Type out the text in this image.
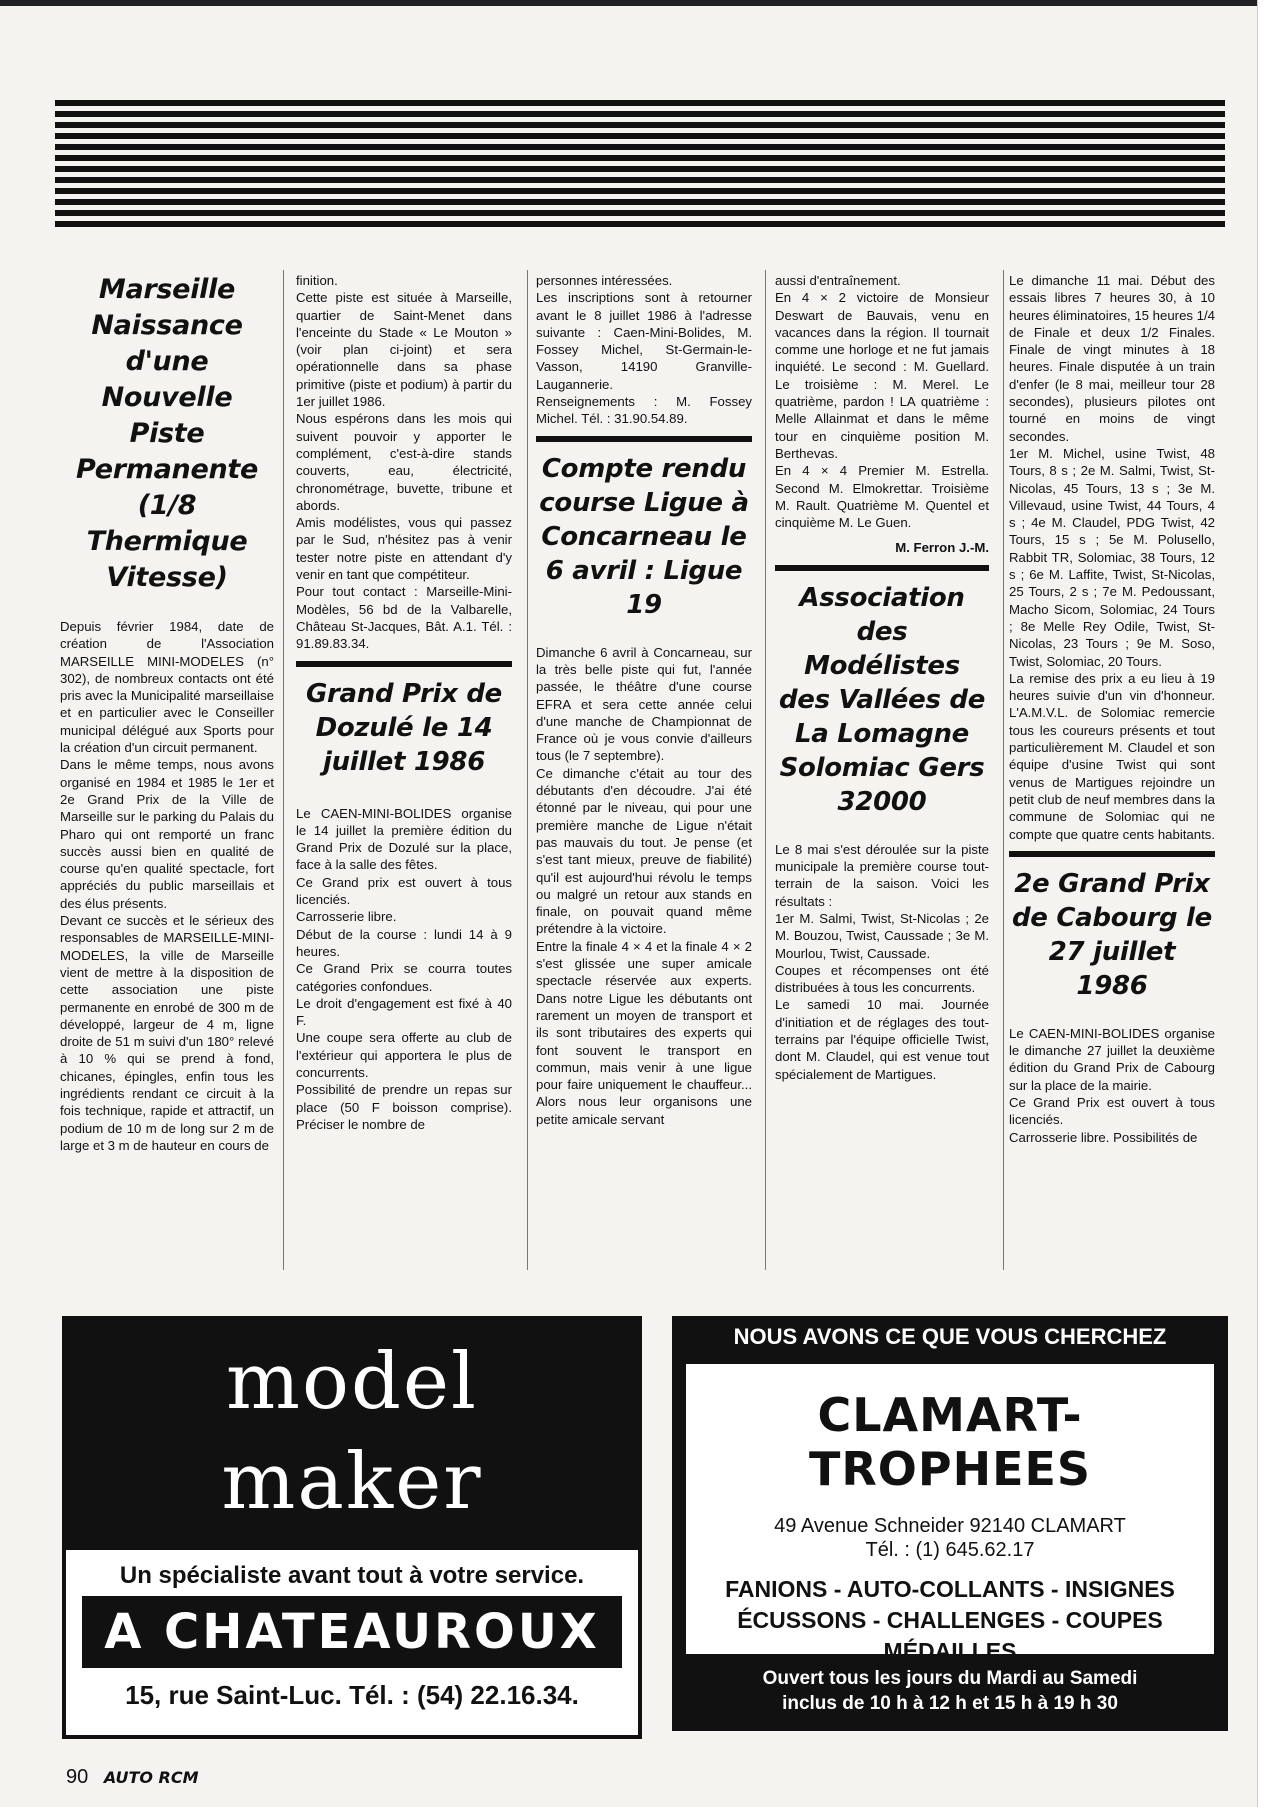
Marseille Naissance d'une Nouvelle Piste Permanente (1/8 Thermique Vitesse)

Depuis février 1984, date de création de l'Association MARSEILLE MINI-MODELES (n° 302), de nombreux contacts ont été pris avec la Municipalité marseillaise et en particulier avec le Conseiller municipal délégué aux Sports pour la création d'un circuit permanent.

Dans le même temps, nous avons organisé en 1984 et 1985 le 1er et 2e Grand Prix de la Ville de Marseille sur le parking du Palais du Pharo qui ont remporté un franc succès aussi bien en qualité de course qu'en qualité spectacle, fort appréciés du public marseillais et des élus présents.

Devant ce succès et le sérieux des responsables de MARSEILLE-MINI-MODELES, la ville de Marseille vient de mettre à la disposition de cette association une piste permanente en enrobé de 300 m de développé, largeur de 4 m, ligne droite de 51 m suivi d'un 180° relevé à 10 % qui se prend à fond, chicanes, épingles, enfin tous les ingrédients rendant ce circuit à la fois technique, rapide et attractif, un podium de 10 m de long sur 2 m de large et 3 m de hauteur en cours de

finition.

Cette piste est située à Marseille, quartier de Saint-Menet dans l'enceinte du Stade « Le Mouton » (voir plan ci-joint) et sera opérationnelle dans sa phase primitive (piste et podium) à partir du 1er juillet 1986.

Nous espérons dans les mois qui suivent pouvoir y apporter le complément, c'est-à-dire stands couverts, eau, électricité, chronométrage, buvette, tribune et abords.

Amis modélistes, vous qui passez par le Sud, n'hésitez pas à venir tester notre piste en attendant d'y venir en tant que compétiteur.

Pour tout contact : Marseille-Mini-Modèles, 56 bd de la Valbarelle, Château St-Jacques, Bât. A.1. Tél. : 91.89.83.34.

Grand Prix de Dozulé le 14 juillet 1986

Le CAEN-MINI-BOLIDES organise le 14 juillet la première édition du Grand Prix de Dozulé sur la place, face à la salle des fêtes.

Ce Grand prix est ouvert à tous licenciés.

Carrosserie libre.

Début de la course : lundi 14 à 9 heures.

Ce Grand Prix se courra toutes catégories confondues.

Le droit d'engagement est fixé à 40 F.

Une coupe sera offerte au club de l'extérieur qui apportera le plus de concurrents.

Possibilité de prendre un repas sur place (50 F boisson comprise). Préciser le nombre de

personnes intéressées.

Les inscriptions sont à retourner avant le 8 juillet 1986 à l'adresse suivante : Caen-Mini-Bolides, M. Fossey Michel, St-Germain-le-Vasson, 14190 Granville-Laugannerie.

Renseignements : M. Fossey Michel. Tél. : 31.90.54.89.

Compte rendu course Ligue à Concarneau le 6 avril : Ligue 19

Dimanche 6 avril à Concarneau, sur la très belle piste qui fut, l'année passée, le théâtre d'une course EFRA et sera cette année celui d'une manche de Championnat de France où je vous convie d'ailleurs tous (le 7 septembre).

Ce dimanche c'était au tour des débutants d'en découdre. J'ai été étonné par le niveau, qui pour une première manche de Ligue n'était pas mauvais du tout. Je pense (et s'est tant mieux, preuve de fiabilité) qu'il est aujourd'hui révolu le temps ou malgré un retour aux stands en finale, on pouvait quand même prétendre à la victoire.

Entre la finale 4 × 4 et la finale 4 × 2 s'est glissée une super amicale spectacle réservée aux experts. Dans notre Ligue les débutants ont rarement un moyen de transport et ils sont tributaires des experts qui font souvent le transport en commun, mais venir à une ligue pour faire uniquement le chauffeur... Alors nous leur organisons une petite amicale servant

aussi d'entraînement.

En 4 × 2 victoire de Monsieur Deswart de Bauvais, venu en vacances dans la région. Il tournait comme une horloge et ne fut jamais inquiété. Le second : M. Guellard. Le troisième : M. Merel. Le quatrième, pardon ! LA quatrième : Melle Allainmat et dans le même tour en cinquième position M. Berthevas.

En 4 × 4 Premier M. Estrella. Second M. Elmokrettar. Troisième M. Rault. Quatrième M. Quentel et cinquième M. Le Guen.

M. Ferron J.-M.

Association des Modélistes des Vallées de La Lomagne Solomiac Gers 32000

Le 8 mai s'est déroulée sur la piste municipale la première course tout-terrain de la saison. Voici les résultats :

1er M. Salmi, Twist, St-Nicolas ; 2e M. Bouzou, Twist, Caussade ; 3e M. Mourlou, Twist, Caussade.

Coupes et récompenses ont été distribuées à tous les concurrents.

Le samedi 10 mai. Journée d'initiation et de réglages des tout-terrains par l'équipe officielle Twist, dont M. Claudel, qui est venue tout spécialement de Martigues.

Le dimanche 11 mai. Début des essais libres 7 heures 30, à 10 heures éliminatoires, 15 heures 1/4 de Finale et deux 1/2 Finales. Finale de vingt minutes à 18 heures. Finale disputée à un train d'enfer (le 8 mai, meilleur tour 28 secondes), plusieurs pilotes ont tourné en moins de vingt secondes.

1er M. Michel, usine Twist, 48 Tours, 8 s ; 2e M. Salmi, Twist, St-Nicolas, 45 Tours, 13 s ; 3e M. Villevaud, usine Twist, 44 Tours, 4 s ; 4e M. Claudel, PDG Twist, 42 Tours, 15 s ; 5e M. Polusello, Rabbit TR, Solomiac, 38 Tours, 12 s ; 6e M. Laffite, Twist, St-Nicolas, 25 Tours, 2 s ; 7e M. Pedoussant, Macho Sicom, Solomiac, 24 Tours ; 8e Melle Rey Odile, Twist, St-Nicolas, 23 Tours ; 9e M. Soso, Twist, Solomiac, 20 Tours.

La remise des prix a eu lieu à 19 heures suivie d'un vin d'honneur. L'A.M.V.L. de Solomiac remercie tous les coureurs présents et tout particulièrement M. Claudel et son équipe d'usine Twist qui sont venus de Martigues rejoindre un petit club de neuf membres dans la commune de Solomiac qui ne compte que quatre cents habitants.

2e Grand Prix de Cabourg le 27 juillet 1986

Le CAEN-MINI-BOLIDES organise le dimanche 27 juillet la deuxième édition du Grand Prix de Cabourg sur la place de la mairie.

Ce Grand Prix est ouvert à tous licenciés.

Carrosserie libre. Possibilités de

model
maker
Un spécialiste avant tout à votre service.
A CHATEAUROUX
15, rue Saint-Luc. Tél. : (54) 22.16.34.
NOUS AVONS CE QUE VOUS CHERCHEZ
CLAMART-TROPHEES
49 Avenue Schneider 92140 CLAMART
Tél. : (1) 645.62.17
FANIONS - AUTO-COLLANTS - INSIGNES
ÉCUSSONS - CHALLENGES - COUPES
MÉDAILLES
Ouvert tous les jours du Mardi au Samedi
inclus de 10 h à 12 h et 15 h à 19 h 30
90 AUTO RCM
